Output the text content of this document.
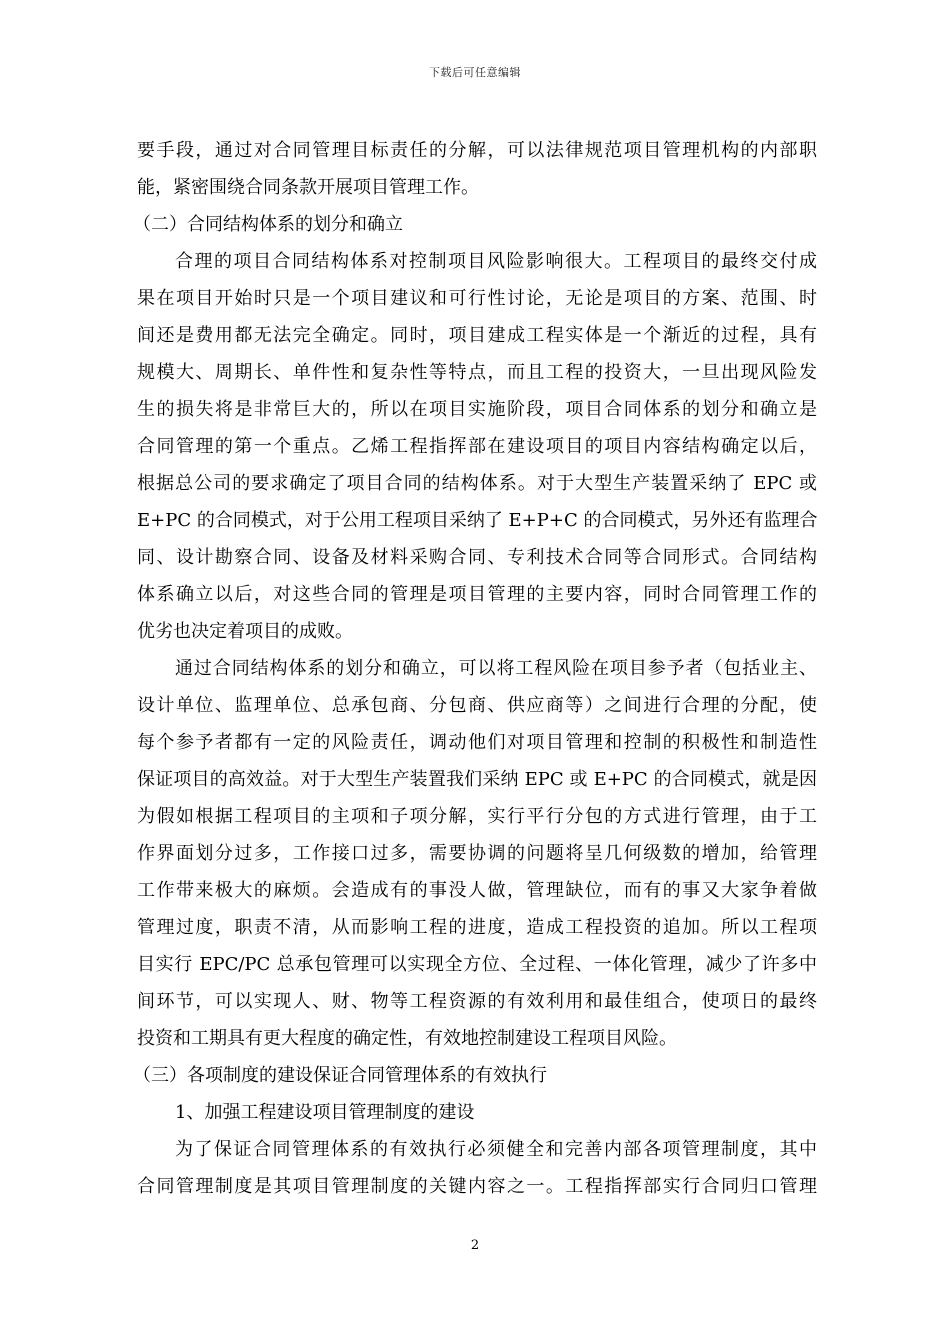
下载后可任意编辑
要手段，通过对合同管理目标责任的分解，可以法律规范项目管理机构的内部职
能，紧密围绕合同条款开展项目管理工作。
（二）合同结构体系的划分和确立
合理的项目合同结构体系对控制项目风险影响很大。工程项目的最终交付成
果在项目开始时只是一个项目建议和可行性讨论，无论是项目的方案、范围、时
间还是费用都无法完全确定。同时，项目建成工程实体是一个渐近的过程，具有
规模大、周期长、单件性和复杂性等特点，而且工程的投资大，一旦出现风险发
生的损失将是非常巨大的，所以在项目实施阶段，项目合同体系的划分和确立是
合同管理的第一个重点。乙烯工程指挥部在建设项目的项目内容结构确定以后，
根据总公司的要求确定了项目合同的结构体系。对于大型生产装置采纳了 EPC 或
E+PC 的合同模式，对于公用工程项目采纳了 E+P+C 的合同模式，另外还有监理合
同、设计勘察合同、设备及材料采购合同、专利技术合同等合同形式。合同结构
体系确立以后，对这些合同的管理是项目管理的主要内容，同时合同管理工作的
优劣也决定着项目的成败。
通过合同结构体系的划分和确立，可以将工程风险在项目参予者（包括业主、
设计单位、监理单位、总承包商、分包商、供应商等）之间进行合理的分配，使
每个参予者都有一定的风险责任，调动他们对项目管理和控制的积极性和制造性
保证项目的高效益。对于大型生产装置我们采纳 EPC 或 E+PC 的合同模式，就是因
为假如根据工程项目的主项和子项分解，实行平行分包的方式进行管理，由于工
作界面划分过多，工作接口过多，需要协调的问题将呈几何级数的增加，给管理
工作带来极大的麻烦。会造成有的事没人做，管理缺位，而有的事又大家争着做
管理过度，职责不清，从而影响工程的进度，造成工程投资的追加。所以工程项
目实行 EPC/PC 总承包管理可以实现全方位、全过程、一体化管理，减少了许多中
间环节，可以实现人、财、物等工程资源的有效利用和最佳组合，使项日的最终
投资和工期具有更大程度的确定性，有效地控制建设工程项目风险。
（三）各项制度的建设保证合同管理体系的有效执行
1、加强工程建设项目管理制度的建设
为了保证合同管理体系的有效执行必须健全和完善内部各项管理制度，其中
合同管理制度是其项目管理制度的关键内容之一。工程指挥部实行合同归口管理
2
